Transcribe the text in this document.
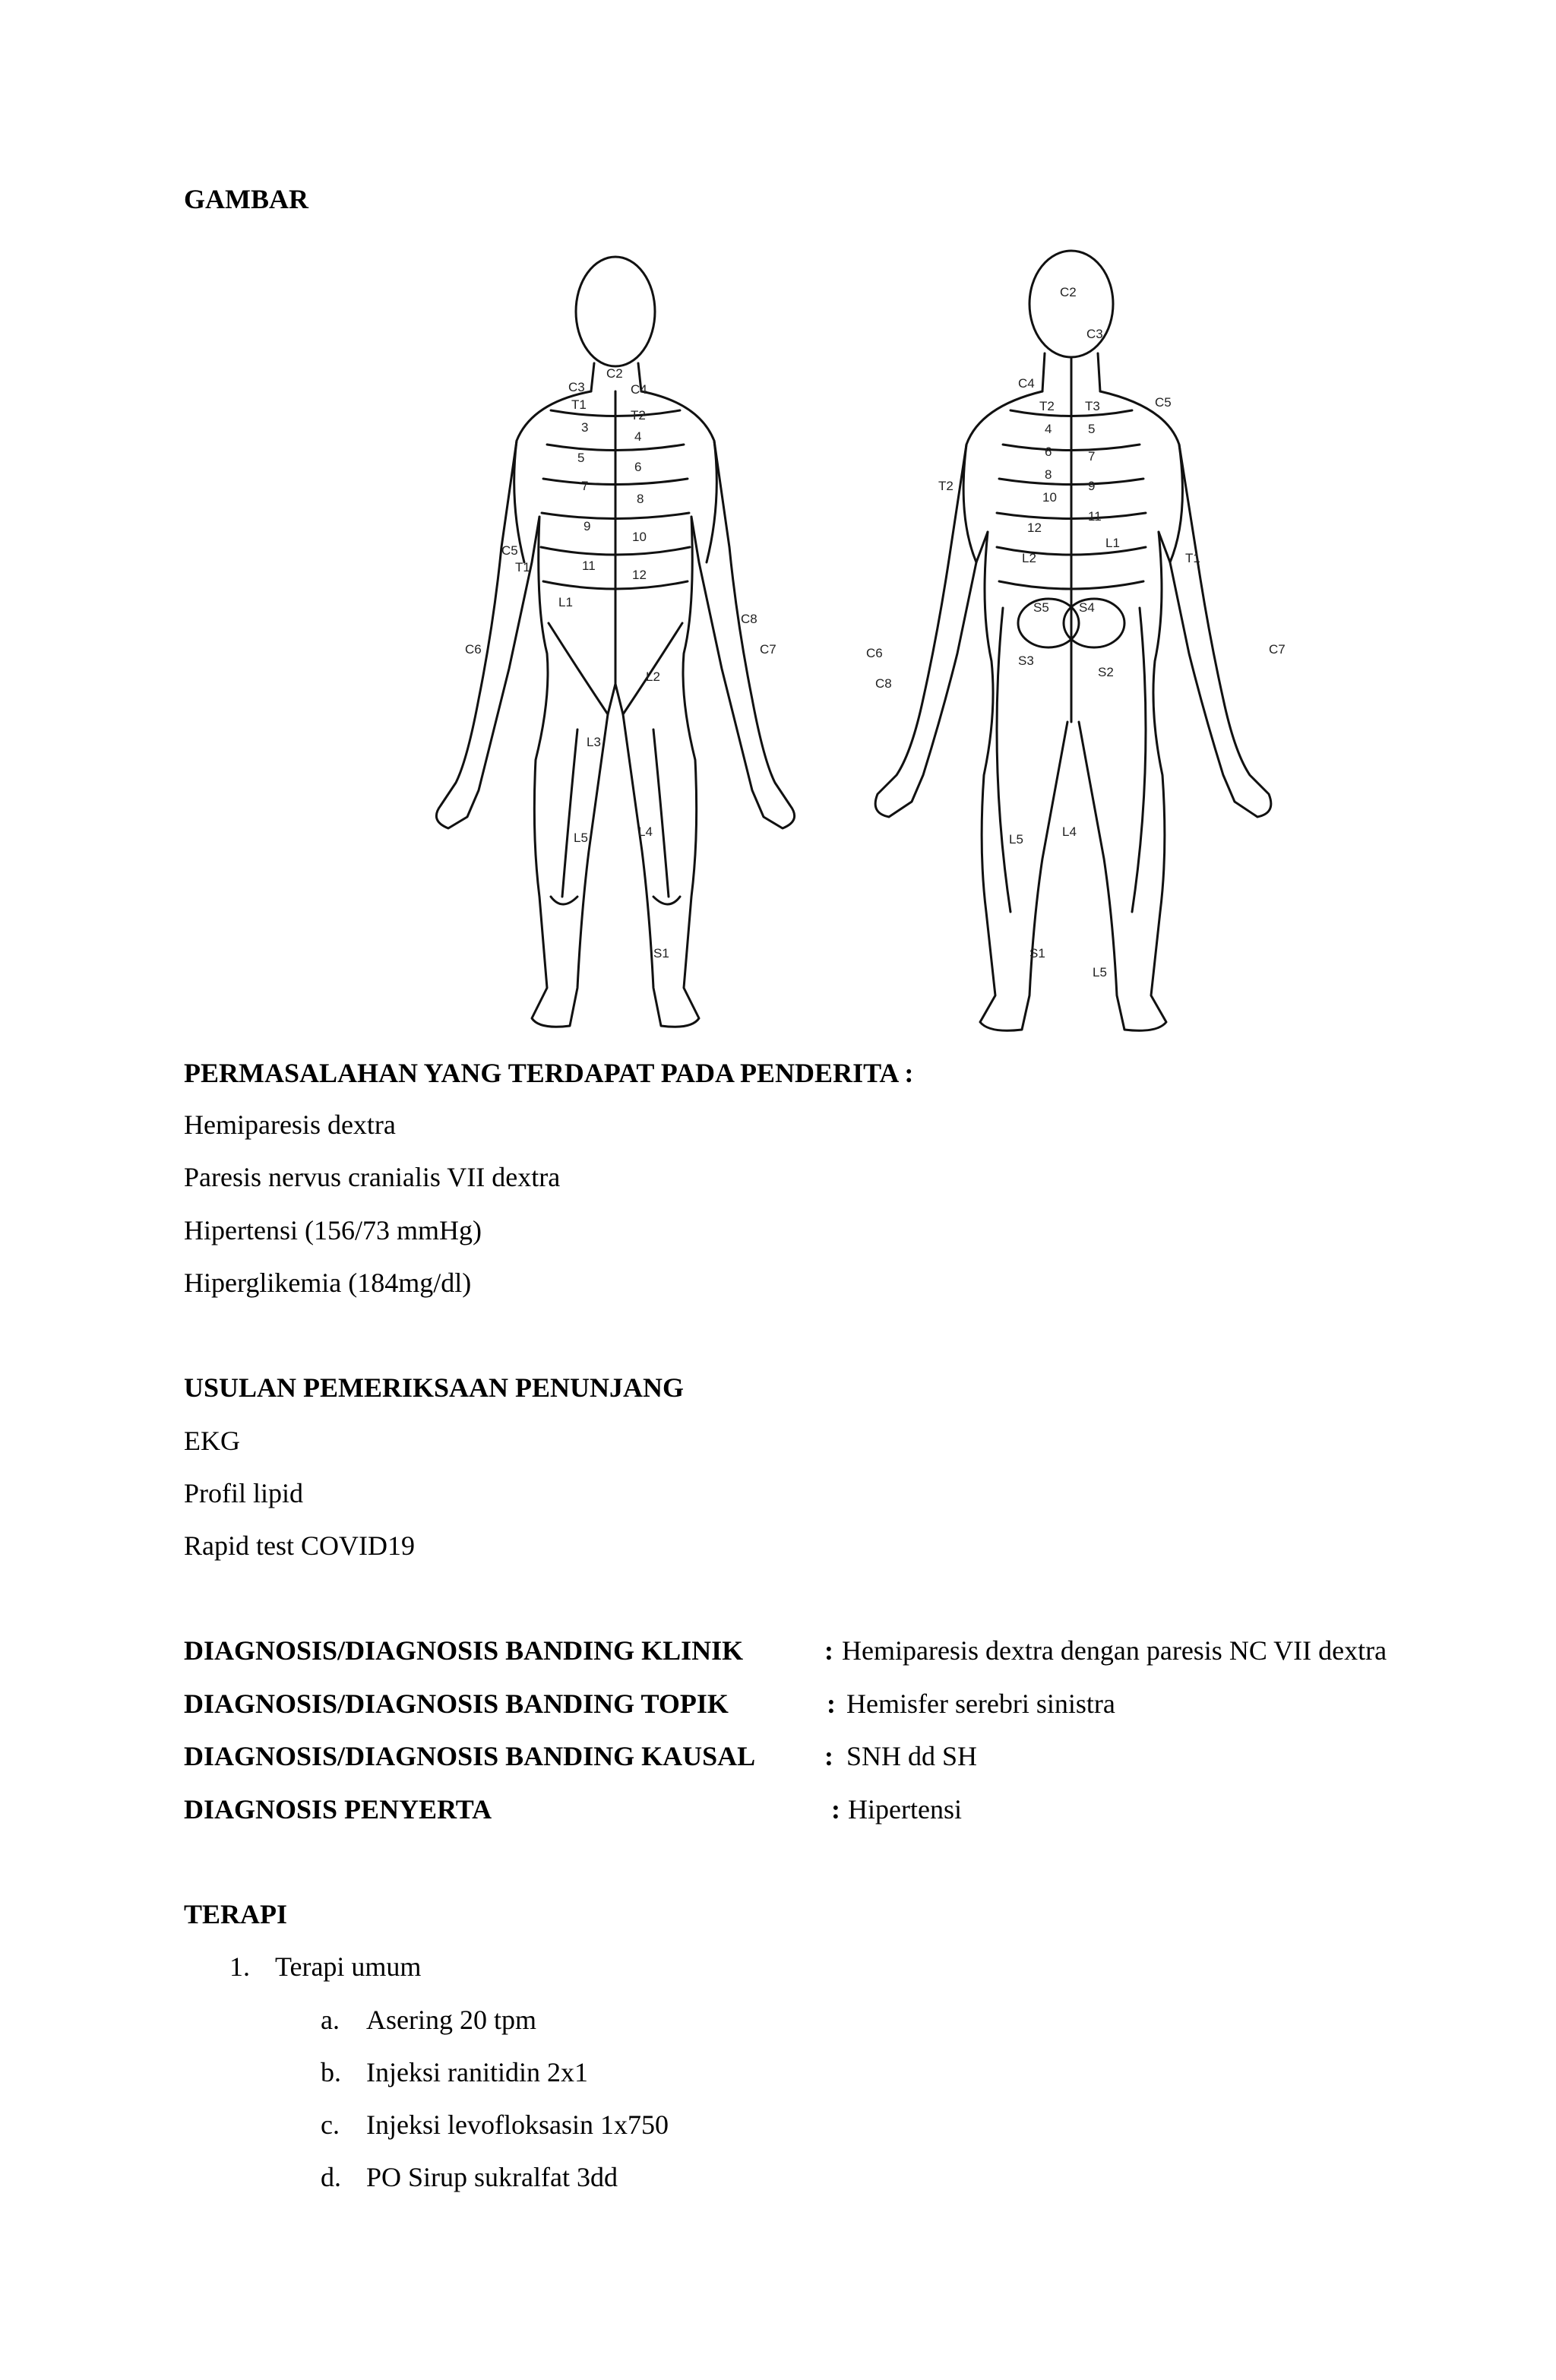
GAMBAR
C2
C3	C4
T1
T2
3
4
5
6
7
8
9
10
11
12
L1
L2
L3
L4
L5
C5
T1
C6
C8
C7
S1
C2
C3
C4
C5
T2 T3
4	5
6	7
8
9
10
11
12
L1
L2	T1
S5 S4
S3
S2
L5
L4
S1
L5
C6
C8
C7
T2
PERMASALAHAN YANG TERDAPAT PADA PENDERITA :
Hemiparesis dextra
Paresis nervus cranialis VII dextra
Hipertensi (156/73 mmHg)
Hiperglikemia (184mg/dl)
USULAN PEMERIKSAAN PENUNJANG
EKG
Profil lipid
Rapid test COVID19
DIAGNOSIS/DIAGNOSIS BANDING KLINIK	: Hemiparesis dextra dengan paresis NC VII dextra
DIAGNOSIS/DIAGNOSIS BANDING TOPIK	: Hemisfer serebri sinistra
DIAGNOSIS/DIAGNOSIS BANDING KAUSAL	: SNH dd SH
DIAGNOSIS PENYERTA	: Hipertensi
TERAPI
1. Terapi umum
a. Asering 20 tpm
b. Injeksi ranitidin 2x1
c. Injeksi levofloksasin 1x750
d. PO Sirup sukralfat 3dd
